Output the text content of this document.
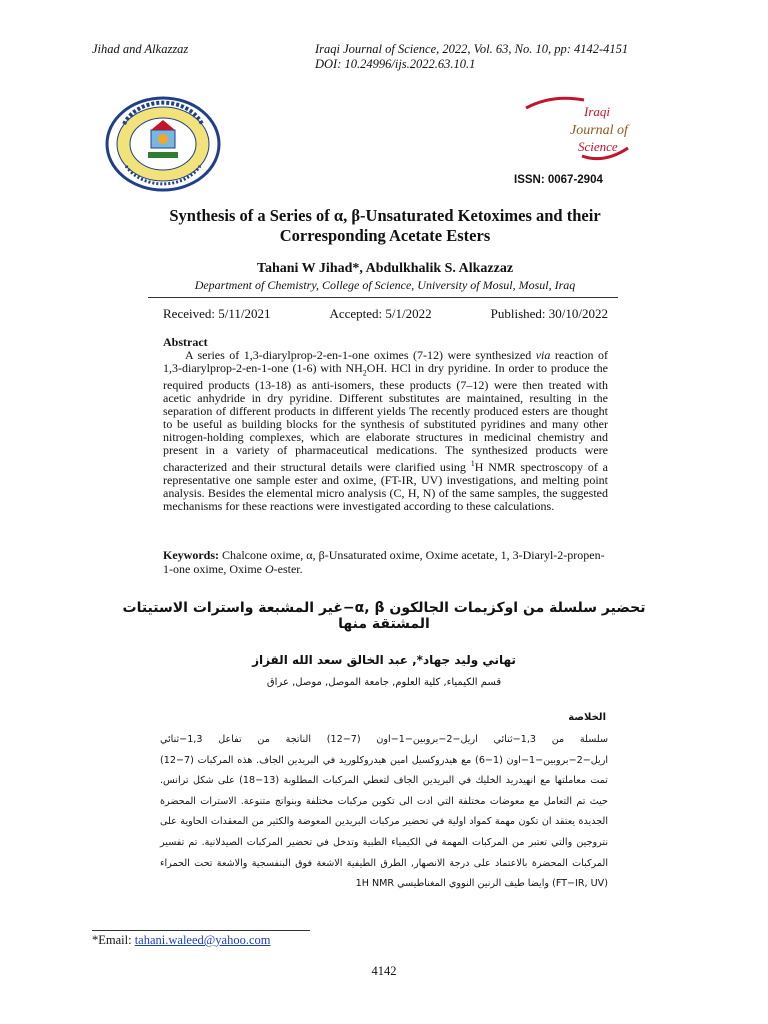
Jihad and Alkazzaz	Iraqi Journal of Science, 2022, Vol. 63, No. 10, pp: 4142-4151
DOI: 10.24996/ijs.2022.63.10.1
Iraqi
Journal of
Science
ISSN: 0067-2904
Synthesis of a Series of α, β-Unsaturated Ketoximes and their
Corresponding Acetate Esters
Tahani W Jihad*, Abdulkhalik S. Alkazzaz
Department of Chemistry, College of Science, University of Mosul, Mosul, Iraq
Received: 5/11/2021	Accepted: 5/1/2022	Published: 30/10/2022
Abstract
A series of 1,3-diarylprop-2-en-1-one oximes (7-12) were synthesized via reaction of 1,3-diarylprop-2-en-1-one (1-6) with $NH_2OH$. HCl in dry pyridine. In order to produce the required products (13-18) as anti-isomers, these products (7–12) were then treated with acetic anhydride in dry pyridine. Different substitutes are maintained, resulting in the separation of different products in different yields The recently produced esters are thought to be useful as building blocks for the synthesis of substituted pyridines and many other nitrogen-holding complexes, which are elaborate structures in medicinal chemistry and present in a variety of pharmaceutical medications. The synthesized products were characterized and their structural details were clarified using $^1$H NMR spectroscopy of a representative one sample ester and oxime, (FT-IR, UV) investigations, and melting point analysis. Besides the elemental micro analysis (C, H, N) of the same samples, the suggested mechanisms for these reactions were investigated according to these calculations.
Keywords: Chalcone oxime, α, β-Unsaturated oxime, Oxime acetate, 1, 3-Diaryl-2-propen-1-one oxime, Oxime O-ester.
تحضير سلسلة من اوكزيمات الجالكون α, β−غير المشبعة واسترات الاستيتات المشتقة منها
تهاني وليد جهاد*, عبد الخالق سعد الله القزاز
قسم الكيمياء, كلية العلوم, جامعة الموصل, موصل, عراق
الخلاصة
سلسلة من 1,3−ثنائي اريل−2−بروبين−1−اون (7−12) الناتجة من تفاعل 1,3−ثنائي اريل−2−بروبين−1−اون (1−6) مع هيدروكسيل امين هيدروكلوريد في البريدين الجاف. هذه المركبات (7−12) تمت معاملتها مع انهيدريد الخليك في البريدين الجاف لتعطي المركبات المطلوبة (13−18) على شكل ترانس. حيث تم التعامل مع معوضات مختلفة التي ادت الى تكوين مركبات مختلفة وبنواتج متنوعة. الاسترات المحضرة الجديدة يعتقد ان تكون مهمة كمواد اولية في تحضير مركبات البريدين المعوضة والكثير من المعقدات الحاوية على نتروجين والتي تعتبر من المركبات المهمة في الكيمياء الطبية وتدخل في تحضير المركبات الصيدلانية. تم تفسير المركبات المحضرة بالاعتماد على درجة الانصهار, الطرق الطيفية الاشعة فوق البنفسجية والاشعة تحت الحمراء (FT−IR, UV) وايضا طيف الرنين النووي المغناطيسي 1H NMR
*Email: tahani.waleed@yahoo.com
4142
